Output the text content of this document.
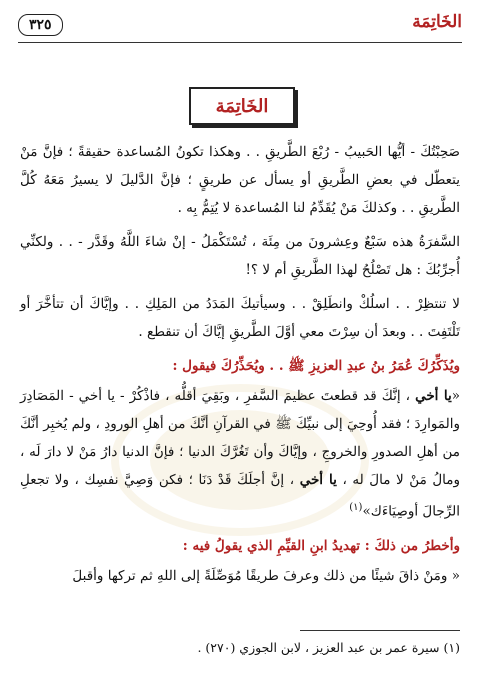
الخَاتِمَة
٣٢٥
الخَاتِمَة

صَحِبْتُكَ - أيُّها الحَبيبُ - رُبْعَ الطَّريقِ . . وهكذا تكونُ المُساعدة حقيقةً ؛ فإنَّ مَنْ يتعطّل في بعضِ الطَّريقِ أو يسأل عن طريقٍ ؛ فإنَّ الدَّليلَ لا يسيرُ مَعَهُ كُلَّ الطَّريقِ . . وكذلكَ مَنْ يُقَدِّمُ لنا المُساعدة لا يُتِمُّ بِه .

السَّفرَةُ هذه سَبْعٌ وعِشرونَ من مِئَة ، تُسْتَكْمَلُ - إنْ شاءَ اللَّهُ وقَدَّر - . . ولكنِّي أُجرِّبُكَ : هل تَصْلُحُ لهذا الطَّريقِ أم لا ؟!

لا تنتظِرْ . . اسلُكْ وانطَلِقْ . . وسيأتيكَ المَدَدُ من المَلِكِ . . وإيَّاكَ أن تتأخَّرَ أو تَلْتَفِتَ . . وبعدَ أن سِرْتَ معي أوَّلَ الطَّريقِ إيَّاكَ أن تنقطع .

ويُذَكِّرُكَ عُمَرُ بنُ عبدِ العزيزِ ﷺ . . ويُحَذِّرُكَ فيقول :

«يا أخي ، إنَّكَ قد قطعتَ عظيمَ السَّفرِ ، وبَقِيَ أقلُّه ، فاذْكُرْ - يا أخي - المَصَادِرَ والمَوارِدَ ؛ فقد أُوحِيَ إلى نبيِّكَ ﷺ في القرآنِ أنَّكَ من أهلِ الورودِ ، ولم يُخبِر أنَّكَ من أهلِ الصدورِ والخروجِ ، وإيَّاكَ وأن تَغُرَّكَ الدنيا ؛ فإنَّ الدنيا دارُ مَنْ لا دارَ لَه ، ومالُ مَنْ لا مالَ له ، يا أخي ، إنَّ أجلَكَ قَدْ دَنَا ؛ فكن وَصِيَّ نفسِك ، ولا تجعلِ الرِّجالَ أوصِيَاءَك»$^{(١)}$

وأخطرُ من ذلكَ : تهديدُ ابنِ القيِّمِ الذي يقولُ فيه :

« ومَنْ ذاقَ شيئًا من ذلك وعرفَ طريقًا مُوَصِّلَةً إلى اللهِ ثم تركها وأقبلَ

(١) سيرة عمر بن عبد العزيز ، لابن الجوزي (٢٧٠) .
